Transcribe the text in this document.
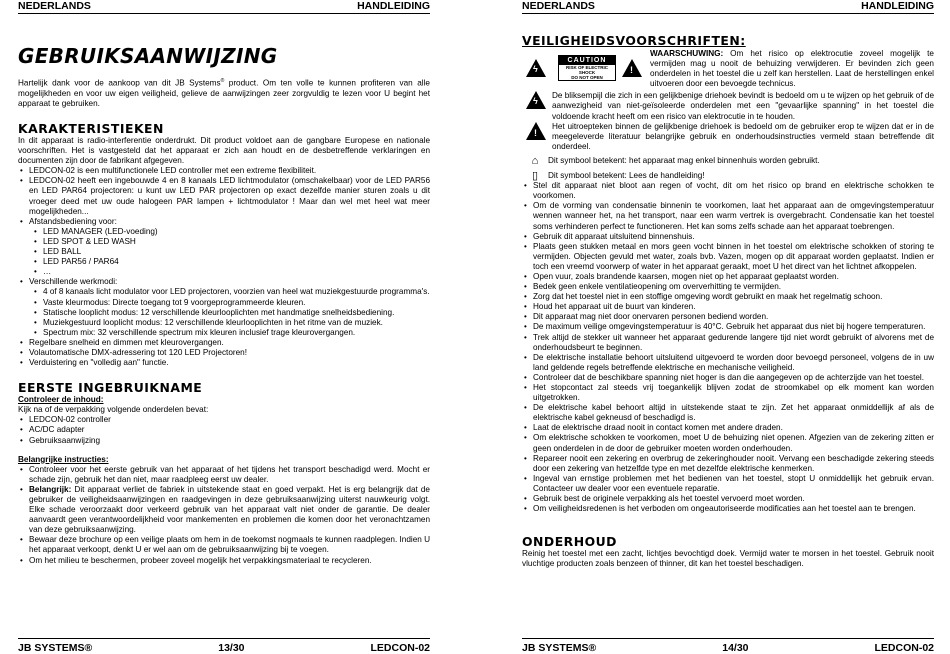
NEDERLANDS	HANDLEIDING
GEBRUIKSAANWIJZING

Hartelijk dank voor de aankoop van dit JB Systems® product. Om ten volle te kunnen profiteren van alle mogelijkheden en voor uw eigen veiligheid, gelieve de aanwijzingen zeer zorgvuldig te lezen voor U begint het apparaat te gebruiken.

KARAKTERISTIEKEN

In dit apparaat is radio-interferentie onderdrukt. Dit product voldoet aan de gangbare Europese en nationale voorschriften. Het is vastgesteld dat het apparaat er zich aan houdt en de desbetreffende verklaringen en documenten zijn door de fabrikant afgegeven.

• LEDCON-02 is een multifunctionele LED controller met een extreme flexibiliteit.
• LEDCON-02 heeft een ingebouwde 4 en 8 kanaals LED lichtmodulator (omschakelbaar) voor de LED PAR56 en LED PAR64 projectoren: u kunt uw LED PAR projectoren op exact dezelfde manier sturen zoals u dit vroeger deed met uw oude halogeen PAR lampen + lichtmodulator ! Maar dan wel met heel wat meer mogelijkheden...
• Afstandsbediening voor:
• LED MANAGER (LED-voeding)
• LED SPOT & LED WASH
• LED BALL
• LED PAR56 / PAR64
• …
• Verschillende werkmodi:
• 4 of 8 kanaals licht modulator voor LED projectoren, voorzien van heel wat muziekgestuurde programma's.
• Vaste kleurmodus: Directe toegang tot 9 voorgeprogrammeerde kleuren.
• Statische looplicht modus: 12 verschillende kleurlooplichten met handmatige snelheidsbediening.
• Muziekgestuurd looplicht modus: 12 verschillende kleurlooplichten in het ritme van de muziek.
• Spectrum mix: 32 verschillende spectrum mix kleuren inclusief trage kleurovergangen.
• Regelbare snelheid en dimmen met kleurovergangen.
• Volautomatische DMX-adressering tot 120 LED Projectoren!
• Verduistering en "volledig aan" functie.
EERSTE INGEBRUIKNAME

Controleer de inhoud:

Kijk na of de verpakking volgende onderdelen bevat:

• LEDCON-02 controller
• AC/DC adapter
• Gebruiksaanwijzing

Belangrijke instructies:

• Controleer voor het eerste gebruik van het apparaat of het tijdens het transport beschadigd werd. Mocht er schade zijn, gebruik het dan niet, maar raadpleeg eerst uw dealer.
• Belangrijk: Dit apparaat verliet de fabriek in uitstekende staat en goed verpakt. Het is erg belangrijk dat de gebruiker de veiligheidsaanwijzingen en raadgevingen in deze gebruiksaanwijzing uiterst nauwkeurig volgt. Elke schade veroorzaakt door verkeerd gebruik van het apparaat valt niet onder de garantie. De dealer aanvaardt geen verantwoordelijkheid voor mankementen en problemen die komen door het veronachtzamen van deze gebruiksaanwijzing.
• Bewaar deze brochure op een veilige plaats om hem in de toekomst nogmaals te kunnen raadplegen. Indien U het apparaat verkoopt, denkt U er wel aan om de gebruiksaanwijzing bij te voegen.
• Om het milieu te beschermen, probeer zoveel mogelijk het verpakkingsmateriaal te recycleren.
JB SYSTEMS®	13/30	LEDCON-02
NEDERLANDS	HANDLEIDING
VEILIGHEIDSVOORSCHRIFTEN:
ϟ
CAUTION
RISK OF ELECTRIC SHOCK
DO NOT OPEN
!

WAARSCHUWING: Om het risico op elektrocutie zoveel mogelijk te vermijden mag u nooit de behuizing verwijderen. Er bevinden zich geen onderdelen in het toestel die u zelf kan herstellen. Laat de herstellingen enkel uitvoeren door een bevoegde technicus.

ϟ

De bliksempijl die zich in een gelijkbenige driehoek bevindt is bedoeld om u te wijzen op het gebruik of de aanwezigheid van niet-geïsoleerde onderdelen met een "gevaarlijke spanning" in het toestel die voldoende kracht heeft om een risico van elektrocutie in te houden.

!

Het uitroepteken binnen de gelijkbenige driehoek is bedoeld om de gebruiker erop te wijzen dat er in de meegeleverde literatuur belangrijke gebruik en onderhoudsinstructies vermeld staan betreffende dit onderdeel.

⌂	Dit symbool betekent: het apparaat mag enkel binnenhuis worden gebruikt.

▯	Dit symbool betekent: Lees de handleiding!

• Stel dit apparaat niet bloot aan regen of vocht, dit om het risico op brand en elektrische schokken te voorkomen.
• Om de vorming van condensatie binnenin te voorkomen, laat het apparaat aan de omgevingstemperatuur wennen wanneer het, na het transport, naar een warm vertrek is overgebracht. Condensatie kan het toestel soms verhinderen perfect te functioneren. Het kan soms zelfs schade aan het apparaat toebrengen.
• Gebruik dit apparaat uitsluitend binnenshuis.
• Plaats geen stukken metaal en mors geen vocht binnen in het toestel om elektrische schokken of storing te vermijden. Objecten gevuld met water, zoals bvb. Vazen, mogen op dit apparaat worden geplaatst. Indien er toch een vreemd voorwerp of water in het apparaat geraakt, moet U het direct van het lichtnet afkoppelen.
• Open vuur, zoals brandende kaarsen, mogen niet op het apparaat geplaatst worden.
• Bedek geen enkele ventilatieopening om oververhitting te vermijden.
• Zorg dat het toestel niet in een stoffige omgeving wordt gebruikt en maak het regelmatig schoon.
• Houd het apparaat uit de buurt van kinderen.
• Dit apparaat mag niet door onervaren personen bediend worden.
• De maximum veilige omgevingstemperatuur is 40°C. Gebruik het apparaat dus niet bij hogere temperaturen.
• Trek altijd de stekker uit wanneer het apparaat gedurende langere tijd niet wordt gebruikt of alvorens met de onderhoudsbeurt te beginnen.
• De elektrische installatie behoort uitsluitend uitgevoerd te worden door bevoegd personeel, volgens de in uw land geldende regels betreffende elektrische en mechanische veiligheid.
• Controleer dat de beschikbare spanning niet hoger is dan die aangegeven op de achterzijde van het toestel.
• Het stopcontact zal steeds vrij toegankelijk blijven zodat de stroomkabel op elk moment kan worden uitgetrokken.
• De elektrische kabel behoort altijd in uitstekende staat te zijn. Zet het apparaat onmiddellijk af als de elektrische kabel gekneusd of beschadigd is.
• Laat de elektrische draad nooit in contact komen met andere draden.
• Om elektrische schokken te voorkomen, moet U de behuizing niet openen. Afgezien van de zekering zitten er geen onderdelen in de door de gebruiker moeten worden onderhouden.
• Repareer nooit een zekering en overbrug de zekeringhouder nooit. Vervang een beschadigde zekering steeds door een zekering van hetzelfde type en met dezelfde elektrische kenmerken.
• Ingeval van ernstige problemen met het bedienen van het toestel, stopt U onmiddellijk het gebruik ervan. Contacteer uw dealer voor een eventuele reparatie.
• Gebruik best de originele verpakking als het toestel vervoerd moet worden.
• Om veiligheidsredenen is het verboden om ongeautoriseerde modificaties aan het toestel aan te brengen.
ONDERHOUD

Reinig het toestel met een zacht, lichtjes bevochtigd doek. Vermijd water te morsen in het toestel. Gebruik nooit vluchtige producten zoals benzeen of thinner, dit kan het toestel beschadigen.

JB SYSTEMS®	14/30	LEDCON-02
